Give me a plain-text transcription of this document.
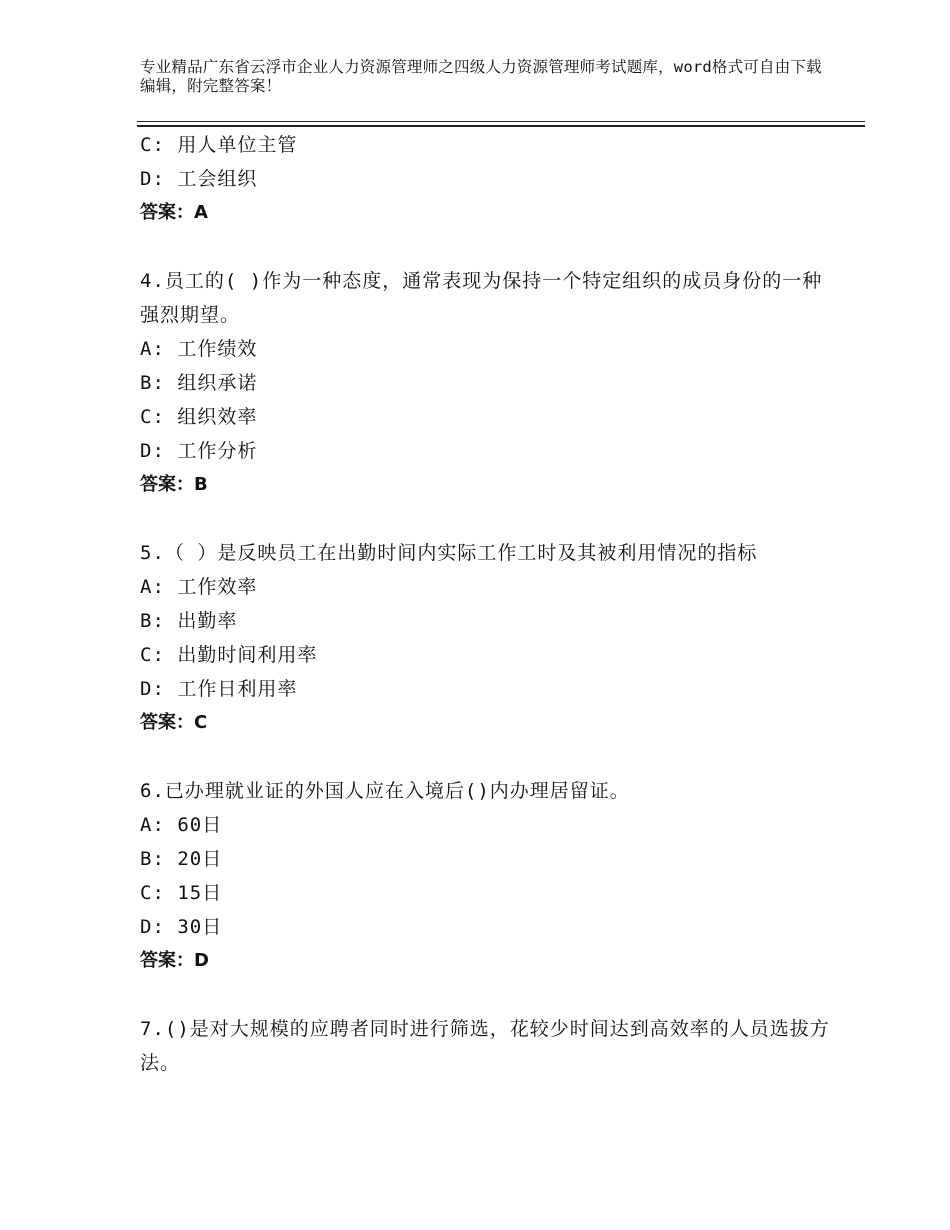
专业精品广东省云浮市企业人力资源管理师之四级人力资源管理师考试题库，word格式可自由下载编辑，附完整答案！
C: 用人单位主管
D: 工会组织
答案：A
4.员工的( )作为一种态度，通常表现为保持一个特定组织的成员身份的一种强烈期望。
A: 工作绩效
B: 组织承诺
C: 组织效率
D: 工作分析
答案：B
5.（ ）是反映员工在出勤时间内实际工作工时及其被利用情况的指标
A: 工作效率
B: 出勤率
C: 出勤时间利用率
D: 工作日利用率
答案：C
6.已办理就业证的外国人应在入境后()内办理居留证。
A: 60日
B: 20日
C: 15日
D: 30日
答案：D
7.()是对大规模的应聘者同时进行筛选，花较少时间达到高效率的人员选拔方法。
